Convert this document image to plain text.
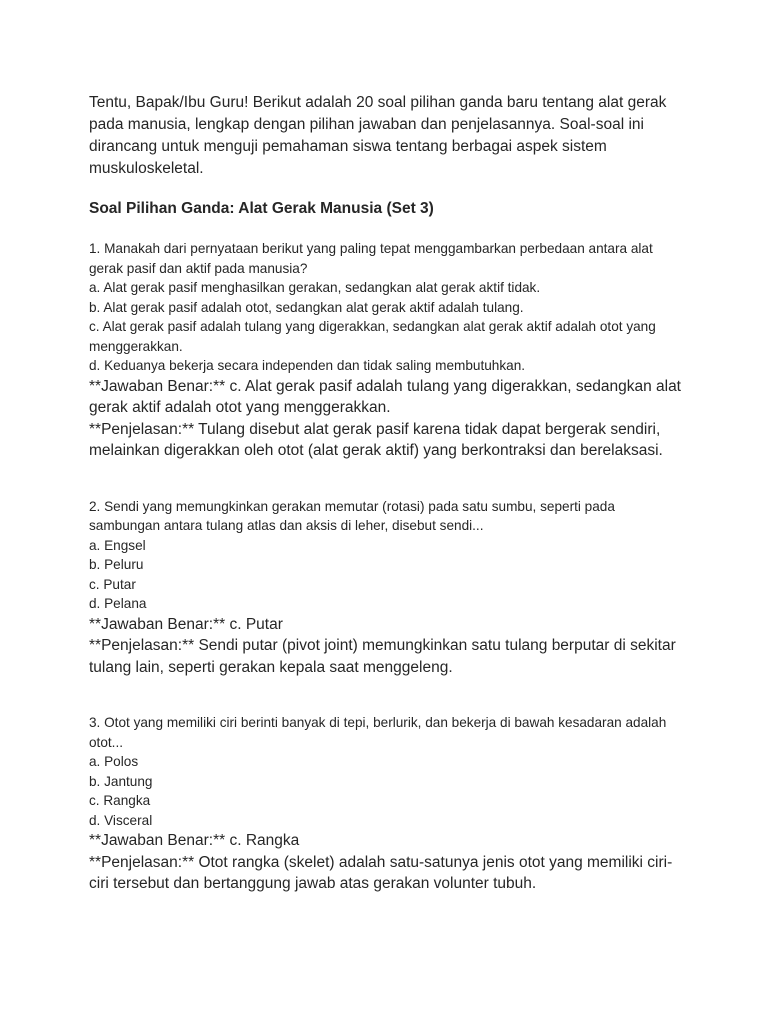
Tentu, Bapak/Ibu Guru! Berikut adalah 20 soal pilihan ganda baru tentang alat gerak pada manusia, lengkap dengan pilihan jawaban dan penjelasannya. Soal-soal ini dirancang untuk menguji pemahaman siswa tentang berbagai aspek sistem muskuloskeletal.

Soal Pilihan Ganda: Alat Gerak Manusia (Set 3)

1. Manakah dari pernyataan berikut yang paling tepat menggambarkan perbedaan antara alat gerak pasif dan aktif pada manusia?

a. Alat gerak pasif menghasilkan gerakan, sedangkan alat gerak aktif tidak.

b. Alat gerak pasif adalah otot, sedangkan alat gerak aktif adalah tulang.

c. Alat gerak pasif adalah tulang yang digerakkan, sedangkan alat gerak aktif adalah otot yang menggerakkan.

d. Keduanya bekerja secara independen dan tidak saling membutuhkan.

**Jawaban Benar:** c. Alat gerak pasif adalah tulang yang digerakkan, sedangkan alat gerak aktif adalah otot yang menggerakkan.

**Penjelasan:** Tulang disebut alat gerak pasif karena tidak dapat bergerak sendiri, melainkan digerakkan oleh otot (alat gerak aktif) yang berkontraksi dan berelaksasi.

2. Sendi yang memungkinkan gerakan memutar (rotasi) pada satu sumbu, seperti pada sambungan antara tulang atlas dan aksis di leher, disebut sendi...

a. Engsel

b. Peluru

c. Putar

d. Pelana

**Jawaban Benar:** c. Putar

**Penjelasan:** Sendi putar (pivot joint) memungkinkan satu tulang berputar di sekitar tulang lain, seperti gerakan kepala saat menggeleng.

3. Otot yang memiliki ciri berinti banyak di tepi, berlurik, dan bekerja di bawah kesadaran adalah otot...

a. Polos

b. Jantung

c. Rangka

d. Visceral

**Jawaban Benar:** c. Rangka

**Penjelasan:** Otot rangka (skelet) adalah satu-satunya jenis otot yang memiliki ciri-ciri tersebut dan bertanggung jawab atas gerakan volunter tubuh.
